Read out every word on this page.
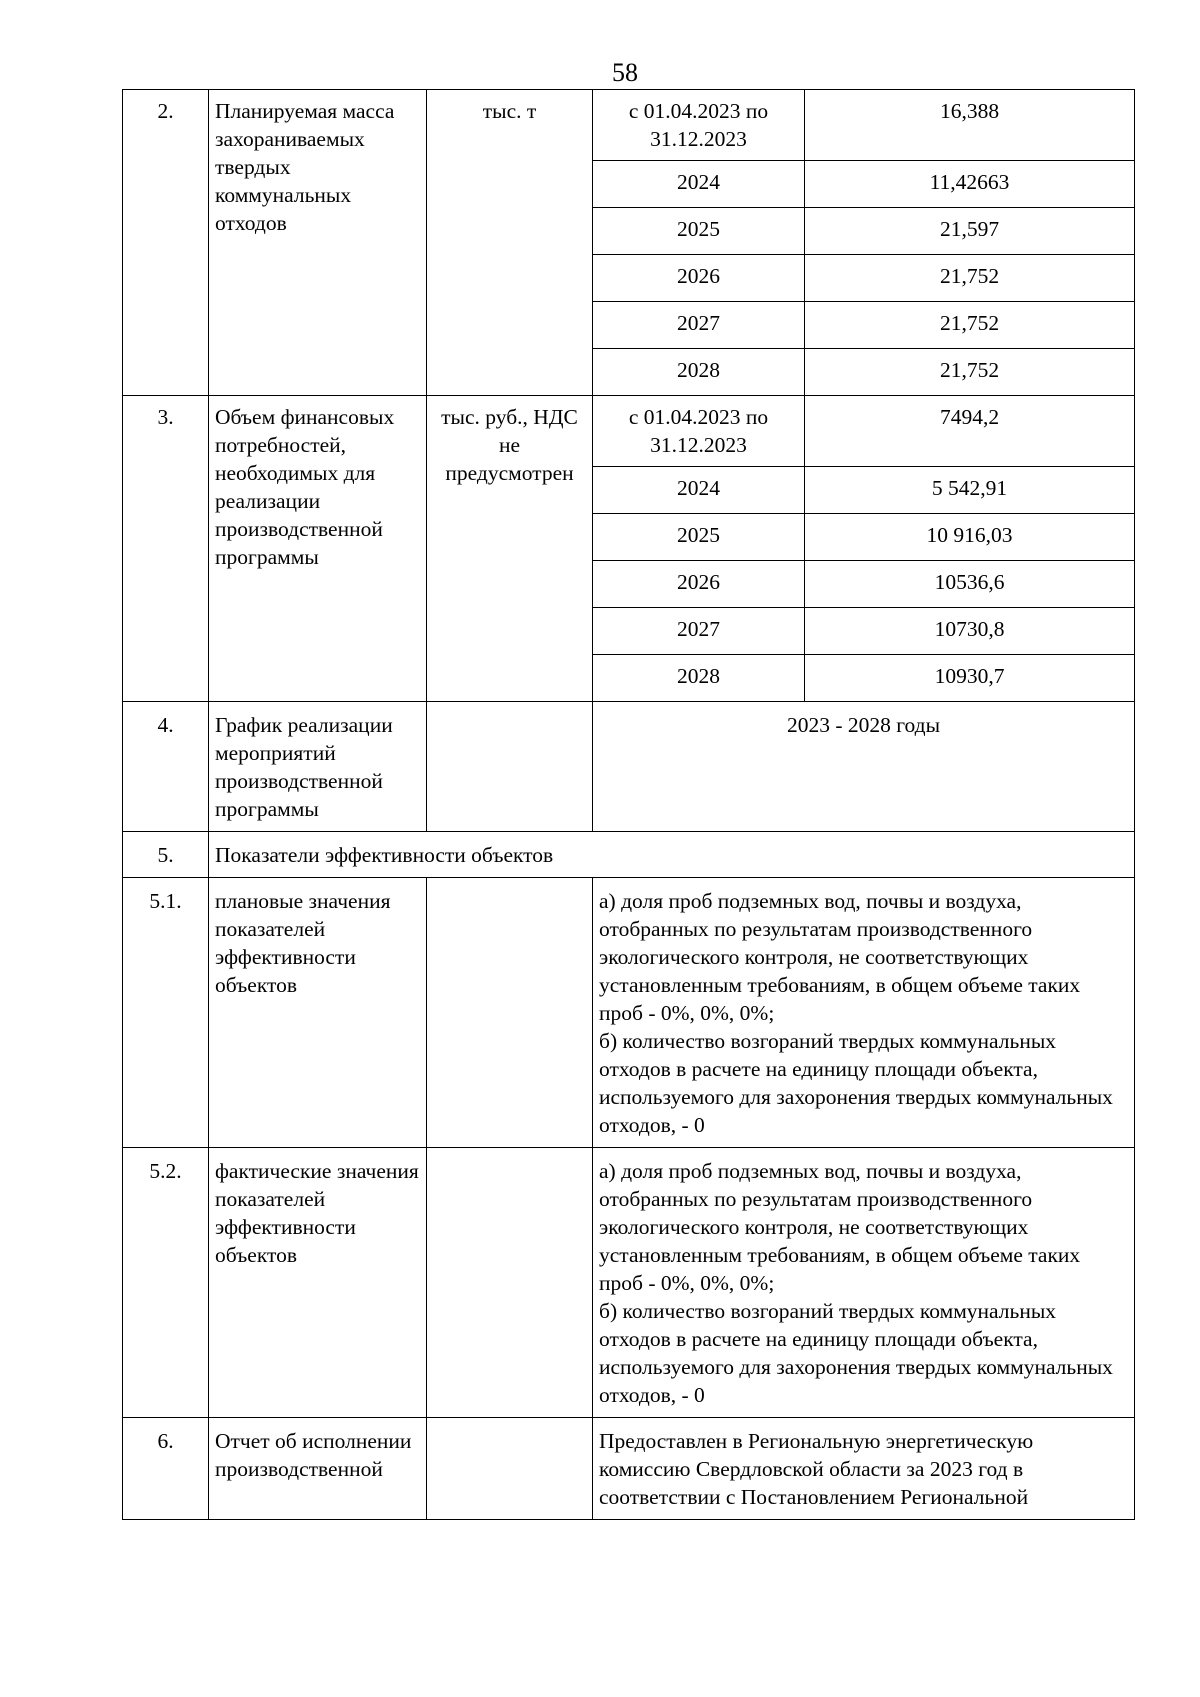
58
2.	Планируемая масса захораниваемых твердых коммунальных отходов	тыс. т	с 01.04.2023 по 31.12.2023	16,388
			2024	11,42663
			2025	21,597
			2026	21,752
			2027	21,752
			2028	21,752
3.	Объем финансовых потребностей, необходимых для реализации производственной программы	тыс. руб., НДС не предусмотрен	с 01.04.2023 по 31.12.2023	7494,2
			2024	5 542,91
			2025	10 916,03
			2026	10536,6
			2027	10730,8
			2028	10930,7
4.	График реализации мероприятий производственной программы		2023 - 2028 годы	
5.	Показатели эффективности объектов			
5.1.	плановые значения показателей эффективности объектов		а) доля проб подземных вод, почвы и воздуха, отобранных по результатам производственного экологического контроля, не соответствующих установленным требованиям, в общем объеме таких проб - 0%, 0%, 0%;
б) количество возгораний твердых коммунальных отходов в расчете на единицу площади объекта, используемого для захоронения твердых коммунальных отходов, - 0	

5.2.	фактические значения показателей эффективности объектов		а) доля проб подземных вод, почвы и воздуха, отобранных по результатам производственного экологического контроля, не соответствующих установленным требованиям, в общем объеме таких проб - 0%, 0%, 0%;
б) количество возгораний твердых коммунальных отходов в расчете на единицу площади объекта, используемого для захоронения твердых коммунальных отходов, - 0	

6.	Отчет об исполнении производственной		Предоставлен в Региональную энергетическую комиссию Свердловской области за 2023 год в соответствии с Постановлением Региональной	
